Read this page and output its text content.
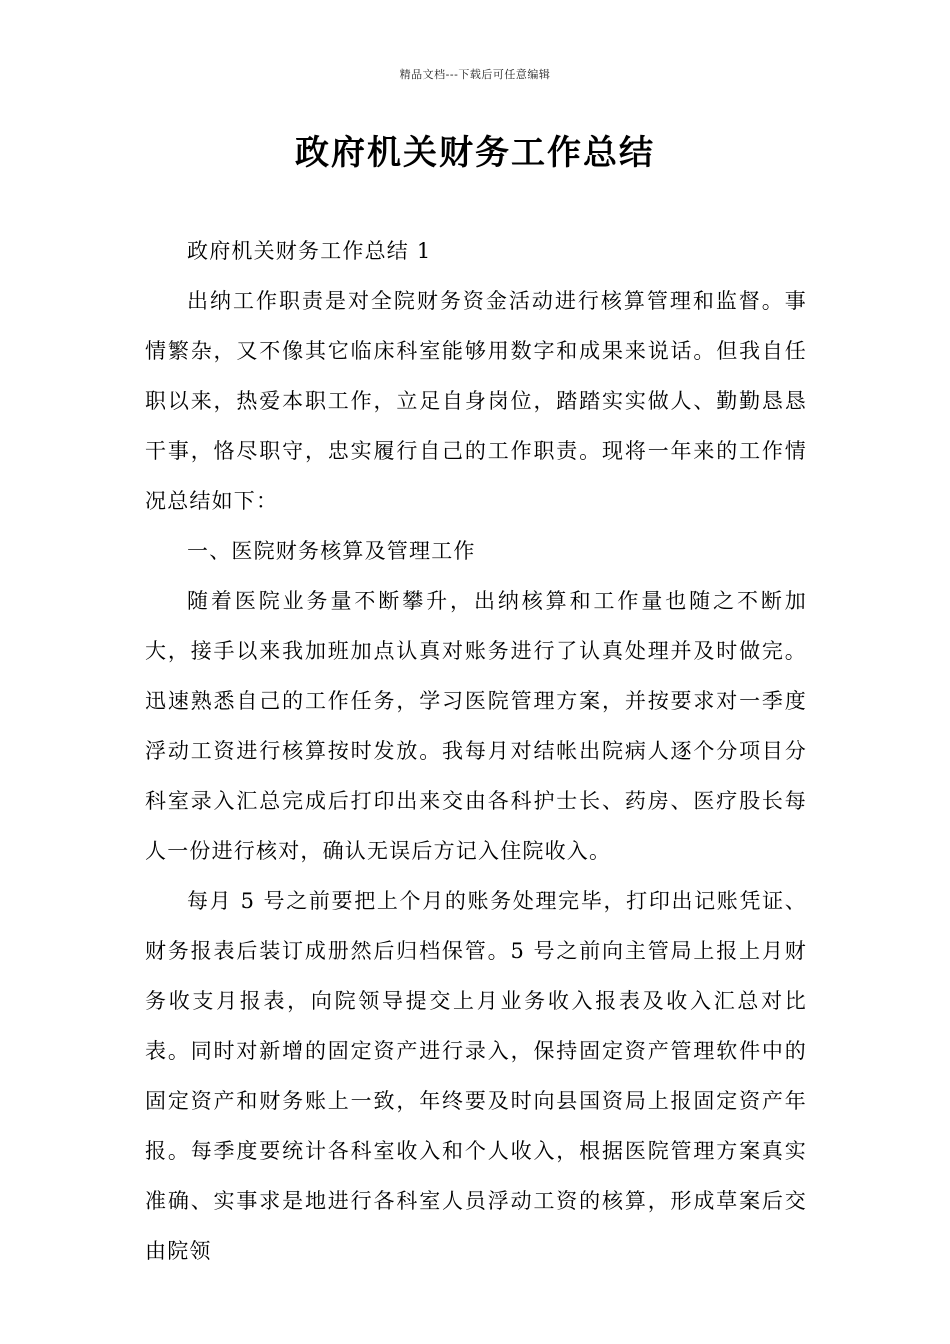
精品文档---下载后可任意编辑
政府机关财务工作总结

政府机关财务工作总结 1

出纳工作职责是对全院财务资金活动进行核算管理和监督。事情繁杂，又不像其它临床科室能够用数字和成果来说话。但我自任职以来，热爱本职工作，立足自身岗位，踏踏实实做人、勤勤恳恳干事，恪尽职守，忠实履行自己的工作职责。现将一年来的工作情况总结如下：

一、医院财务核算及管理工作

随着医院业务量不断攀升，出纳核算和工作量也随之不断加大，接手以来我加班加点认真对账务进行了认真处理并及时做完。迅速熟悉自己的工作任务，学习医院管理方案，并按要求对一季度浮动工资进行核算按时发放。我每月对结帐出院病人逐个分项目分科室录入汇总完成后打印出来交由各科护士长、药房、医疗股长每人一份进行核对，确认无误后方记入住院收入。

每月 5 号之前要把上个月的账务处理完毕，打印出记账凭证、财务报表后装订成册然后归档保管。5 号之前向主管局上报上月财务收支月报表，向院领导提交上月业务收入报表及收入汇总对比表。同时对新增的固定资产进行录入，保持固定资产管理软件中的固定资产和财务账上一致，年终要及时向县国资局上报固定资产年报。每季度要统计各科室收入和个人收入，根据医院管理方案真实准确、实事求是地进行各科室人员浮动工资的核算，形成草案后交由院领
